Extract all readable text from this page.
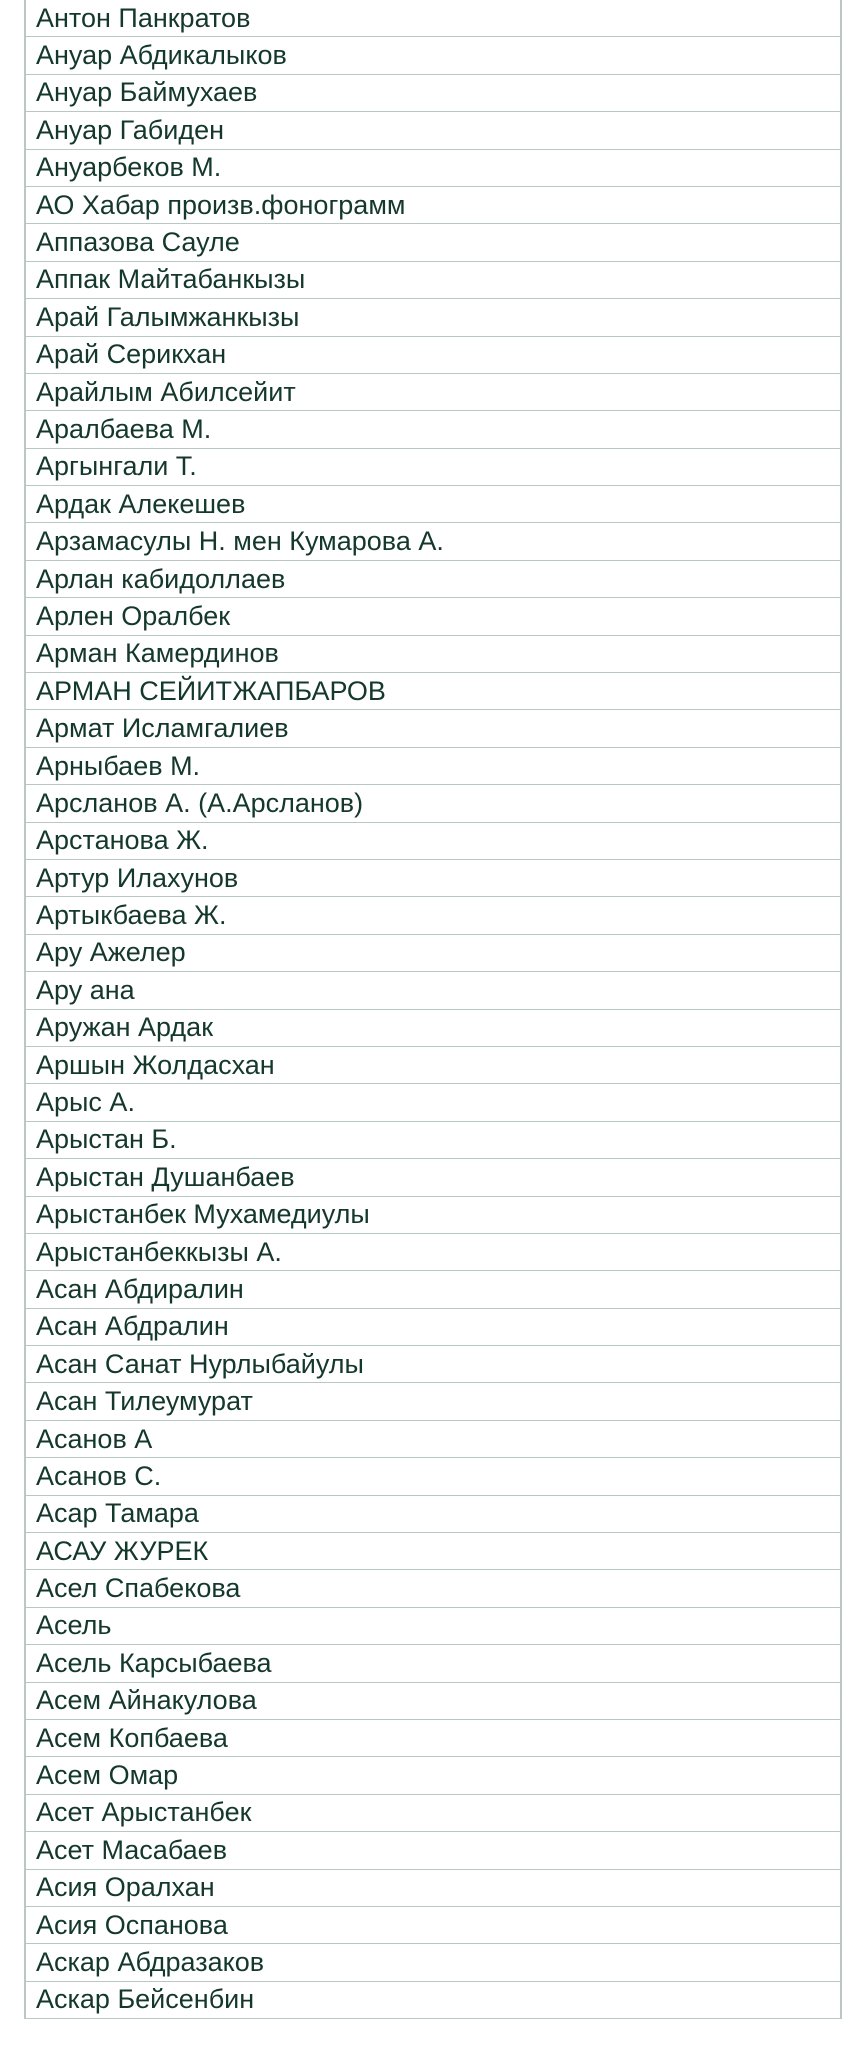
Антон Панкратов
Ануар Абдикалыков
Ануар Баймухаев
Ануар Габиден
Ануарбеков М.
АО Хабар произв.фонограмм
Аппазова Сауле
Аппак Майтабанкызы
Арай Галымжанкызы
Арай Серикхан
Арайлым Абилсейит
Аралбаева М.
Аргынгали Т.
Ардак Алекешев
Арзамасулы Н. мен Кумарова А.
Арлан кабидоллаев
Арлен Оралбек
Арман Камердинов
АРМАН СЕЙИТЖАПБАРОВ
Армат Исламгалиев
Арныбаев М.
Арсланов А. (А.Арсланов)
Арстанова Ж.
Артур Илахунов
Артыкбаева Ж.
Ару Ажелер
Ару ана
Аружан Ардак
Аршын Жолдасхан
Арыс А.
Арыстан Б.
Арыстан Душанбаев
Арыстанбек Мухамедиулы
Арыстанбеккызы А.
Асан Абдиралин
Асан Абдралин
Асан Санат Нурлыбайулы
Асан Тилеумурат
Асанов А
Асанов С.
Асар Тамара
АСАУ ЖУРЕК
Асел Спабекова
Асель
Асель Карсыбаева
Асем Айнакулова
Асем Копбаева
Асем Омар
Асет Арыстанбек
Асет Масабаев
Асия Оралхан
Асия Оспанова
Аскар Абдразаков
Аскар Бейсенбин
